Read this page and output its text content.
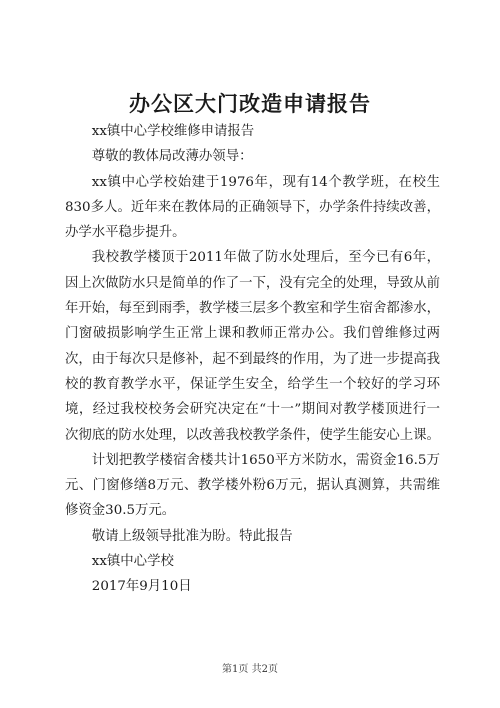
办公区大门改造申请报告

xx镇中心学校维修申请报告

尊敬的教体局改薄办领导：

xx镇中心学校始建于1976年，现有14个教学班，在校生830多人。近年来在教体局的正确领导下，办学条件持续改善，办学水平稳步提升。

我校教学楼顶于2011年做了防水处理后，至今已有6年，因上次做防水只是简单的作了一下，没有完全的处理，导致从前年开始，每至到雨季，教学楼三层多个教室和学生宿舍都渗水，门窗破损影响学生正常上课和教师正常办公。我们曾维修过两次，由于每次只是修补，起不到最终的作用，为了进一步提高我校的教育教学水平，保证学生安全，给学生一个较好的学习环境，经过我校校务会研究决定在“十一”期间对教学楼顶进行一次彻底的防水处理，以改善我校教学条件，使学生能安心上课。

计划把教学楼宿舍楼共计1650平方米防水，需资金16.5万元、门窗修缮8万元、教学楼外粉6万元，据认真测算，共需维修资金30.5万元。

敬请上级领导批准为盼。特此报告

xx镇中心学校

2017年9月10日

第1页 共2页
